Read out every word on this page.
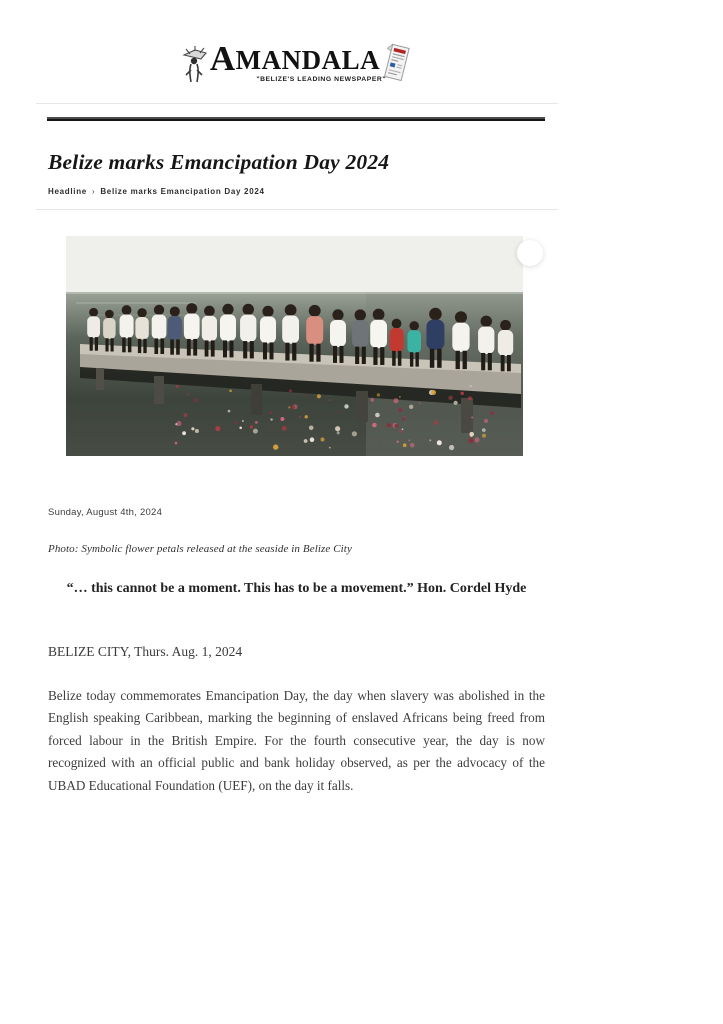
AMANDALA
"BELIZE'S LEADING NEWSPAPER"
Belize marks Emancipation Day 2024
Headline › Belize marks Emancipation Day 2024
Sunday, August 4th, 2024
Photo: Symbolic flower petals released at the seaside in Belize City

“… this cannot be a moment. This has to be a movement.” Hon. Cordel Hyde

BELIZE CITY, Thurs. Aug. 1, 2024

Belize today commemorates Emancipation Day, the day when slavery was abolished in the English speaking Caribbean, marking the beginning of enslaved Africans being freed from forced labour in the British Empire. For the fourth consecutive year, the day is now recognized with an official public and bank holiday observed, as per the advocacy of the UBAD Educational Foundation (UEF), on the day it falls.
